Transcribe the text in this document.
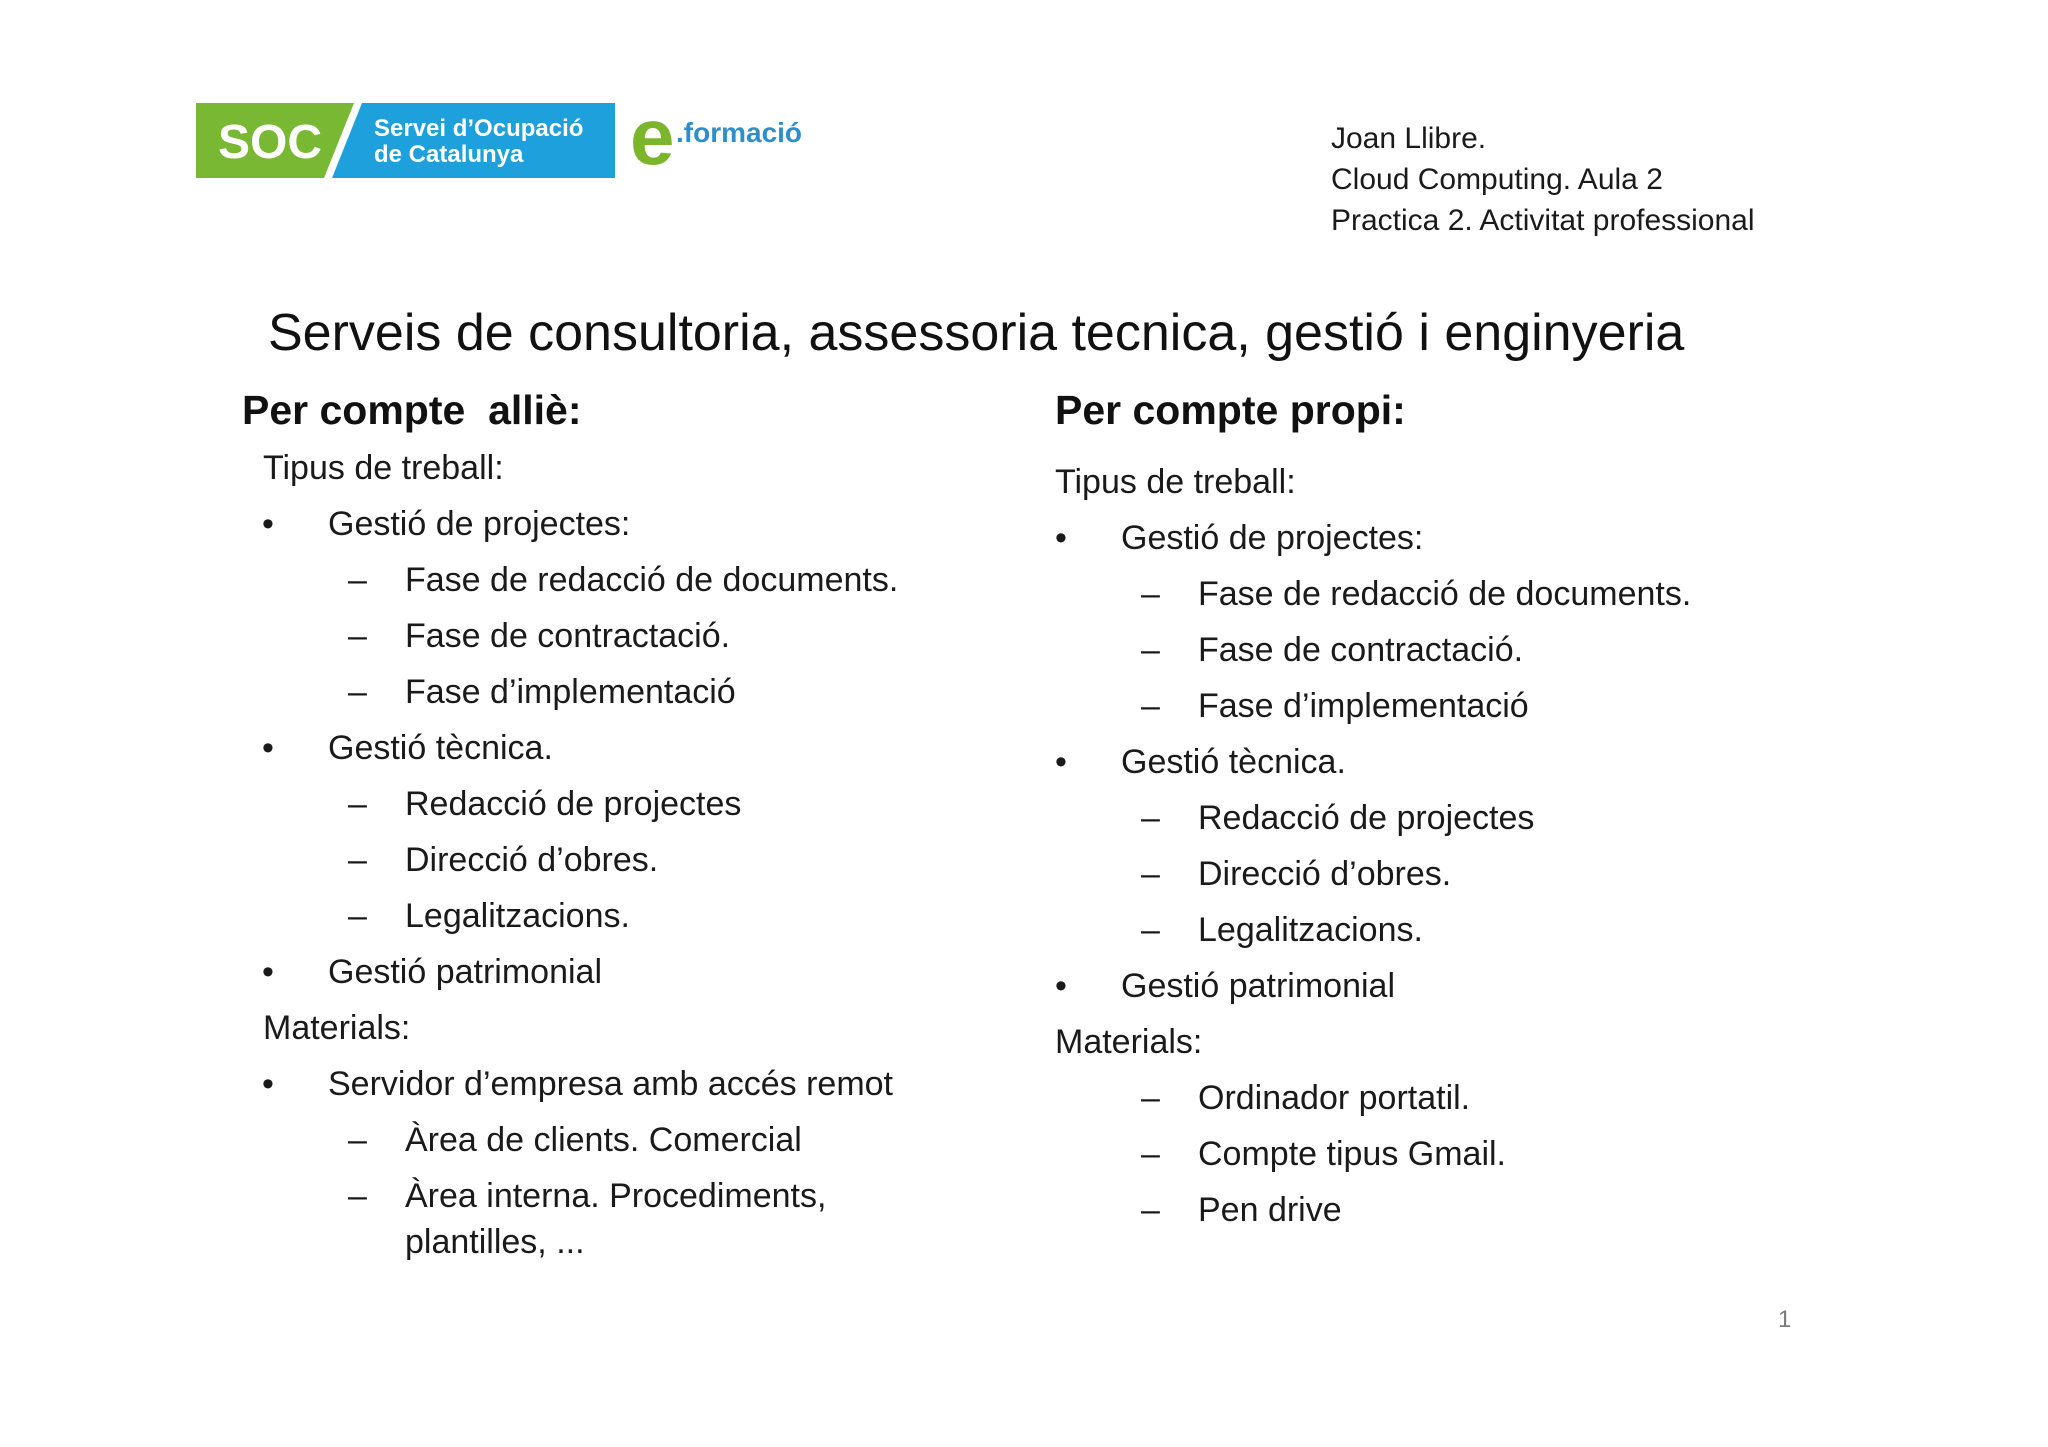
SOC Servei d’Ocupació
de Catalunya e .formació	Joan Llibre.
Cloud Computing. Aula 2
Practica 2. Activitat professional
Serveis de consultoria, assessoria tecnica, gestió i enginyeria
Per compte  alliè:
Tipus de treball:
• Gestió de projectes:
– Fase de redacció de documents.
– Fase de contractació.
– Fase d’implementació
• Gestió tècnica.
– Redacció de projectes
– Direcció d’obres.
– Legalitzacions.
• Gestió patrimonial
Materials:
• Servidor d’empresa amb accés remot
– Àrea de clients. Comercial
– Àrea interna. Procediments,
plantilles, ...
Per compte propi:
Tipus de treball:
• Gestió de projectes:
– Fase de redacció de documents.
– Fase de contractació.
– Fase d’implementació
• Gestió tècnica.
– Redacció de projectes
– Direcció d’obres.
– Legalitzacions.
• Gestió patrimonial
Materials:
– Ordinador portatil.
– Compte tipus Gmail.
– Pen drive
1
